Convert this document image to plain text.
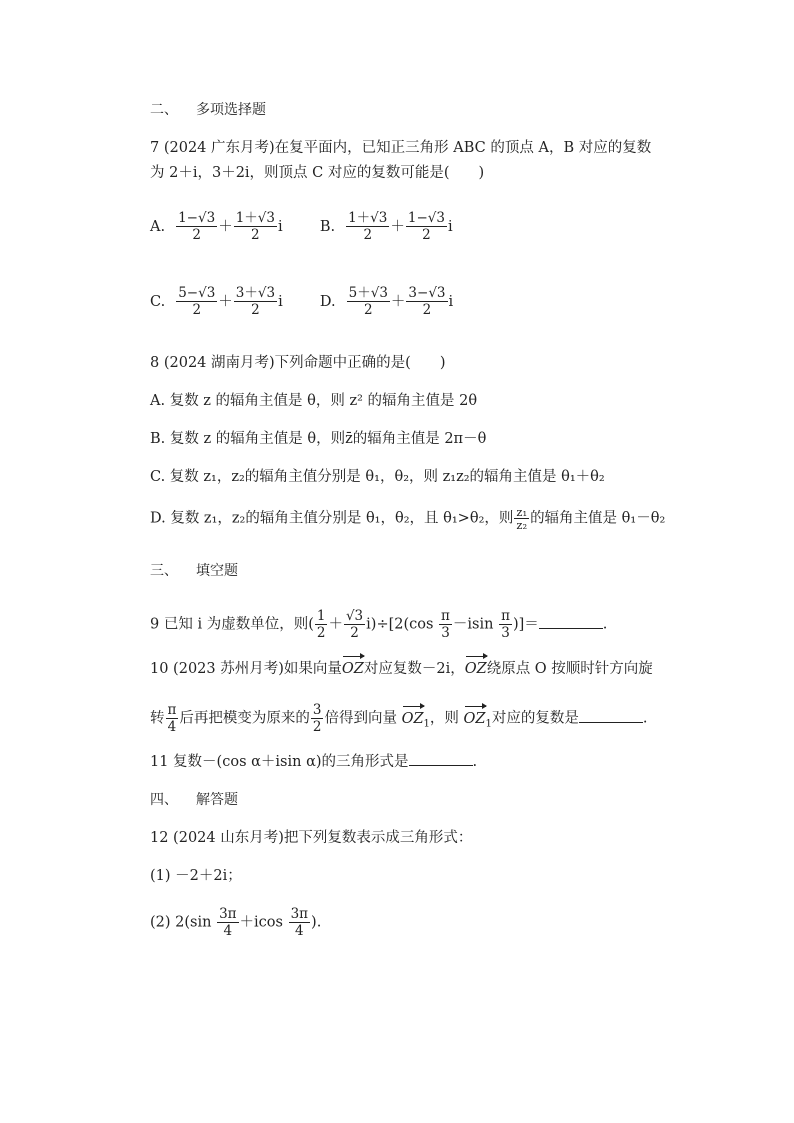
二、 多项选择题
7 (2024 广东月考)在复平面内，已知正三角形 ABC 的顶点 A，B 对应的复数
为 2＋i，3＋2i，则顶点 C 对应的复数可能是(　　)
A. $\frac{1-√3}{2} + \frac{1+√3}{2}$ i
	B. $\frac{1+√3}{2} + \frac{1-√3}{2}$ i
C. $\frac{5-√3}{2} + \frac{3+√3}{2}$ i
	D. $\frac{5+√3}{2} + \frac{3-√3}{2}$ i
8 (2024 湖南月考)下列命题中正确的是(　　)
A. 复数 z 的辐角主值是 θ，则 z² 的辐角主值是 2θ
B. 复数 z 的辐角主值是 θ，则z̄的辐角主值是 2π－θ
C. 复数 z₁，z₂的辐角主值分别是 θ₁，θ₂，则 z₁z₂的辐角主值是 θ₁＋θ₂
D. 复数 z₁，z₂的辐角主值分别是 θ₁，θ₂，且 θ₁>θ₂，则 $\frac{\text{z₁}}{\text{z₂}}$ 的辐角主值是 θ₁－θ₂
三、 填空题
9 已知 i 为虚数单位，则( $\frac{1}{2} + \frac{√3}{2} i)\div[2(\cos \frac{\pi}{3} -isin \frac{\pi}{3}$ )]＝	.
10 (2023 苏州月考)如果向量OZ对应复数－2i，OZ绕原点 O 按顺时针方向旋
转 $\frac{\pi}{4}$ 后再把模变为原来的 $\frac{3}{2}$ 倍得到向量 $OZ_1$，则 $OZ_1$对应的复数是	.
11 复数－(cos α＋isin α)的三角形式是	.
四、 解答题
12 (2024 山东月考)把下列复数表示成三角形式：
(1) －2＋2i；
(2) $2(\sin \frac{3\pi}{4} +icos \frac{3\pi}{4}$ ).
